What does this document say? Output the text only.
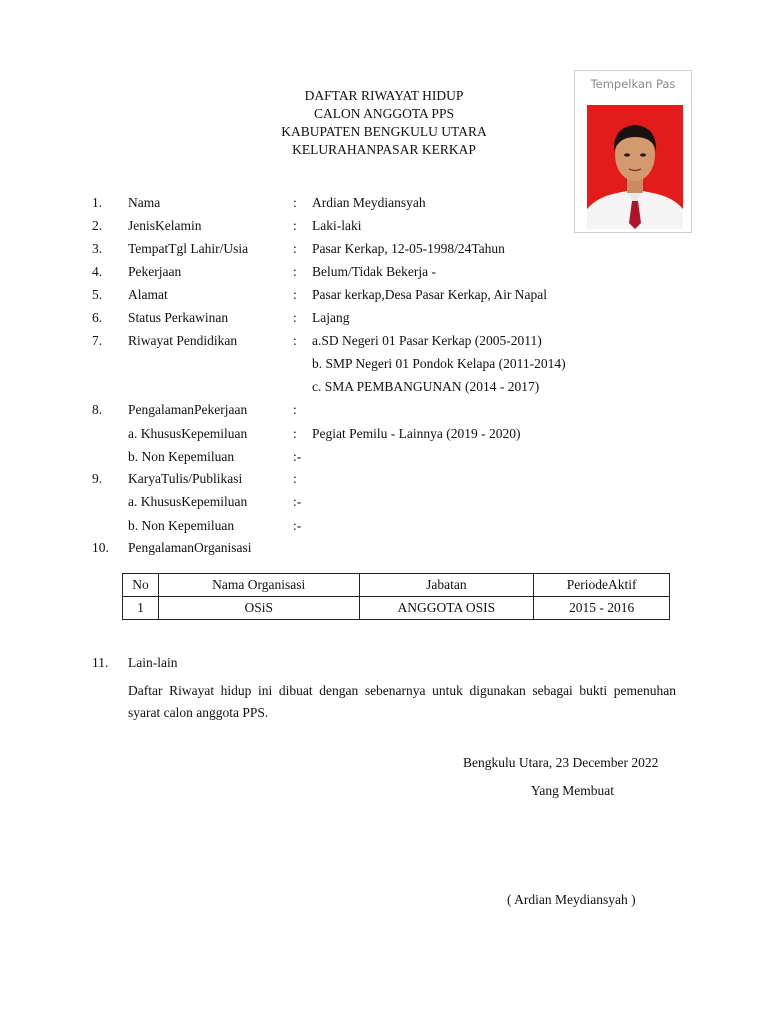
DAFTAR RIWAYAT HIDUP
CALON ANGGOTA PPS
KABUPATEN BENGKULU UTARA
KELURAHANPASAR KERKAP
Tempelkan Pas
1. Nama	: Ardian Meydiansyah
2. JenisKelamin	: Laki-laki
3. TempatTgl Lahir/Usia	: Pasar Kerkap, 12-05-1998/24Tahun
4. Pekerjaan	: Belum/Tidak Bekerja -
5. Alamat	: Pasar kerkap,Desa Pasar Kerkap, Air Napal
6. Status Perkawinan	: Lajang
7. Riwayat Pendidikan	: a.SD Negeri 01 Pasar Kerkap (2005-2011)
b. SMP Negeri 01 Pondok Kelapa (2011-2014)
c. SMA PEMBANGUNAN (2014 - 2017)
8. PengalamanPekerjaan	:
a. KhususKepemiluan	: Pegiat Pemilu - Lainnya (2019 - 2020)
b. Non Kepemiluan	:-
9. KaryaTulis/Publikasi	:
a. KhususKepemiluan	:-
b. Non Kepemiluan	:-
10. PengalamanOrganisasi
No	Nama Organisasi	Jabatan	PeriodeAktif
1	OSiS	ANGGOTA OSIS	2015 - 2016
11. Lain-lain
Daftar Riwayat hidup ini dibuat dengan sebenarnya untuk digunakan sebagai bukti pemenuhan syarat calon anggota PPS.
Bengkulu Utara, 23 December 2022
Yang Membuat
( Ardian Meydiansyah )
